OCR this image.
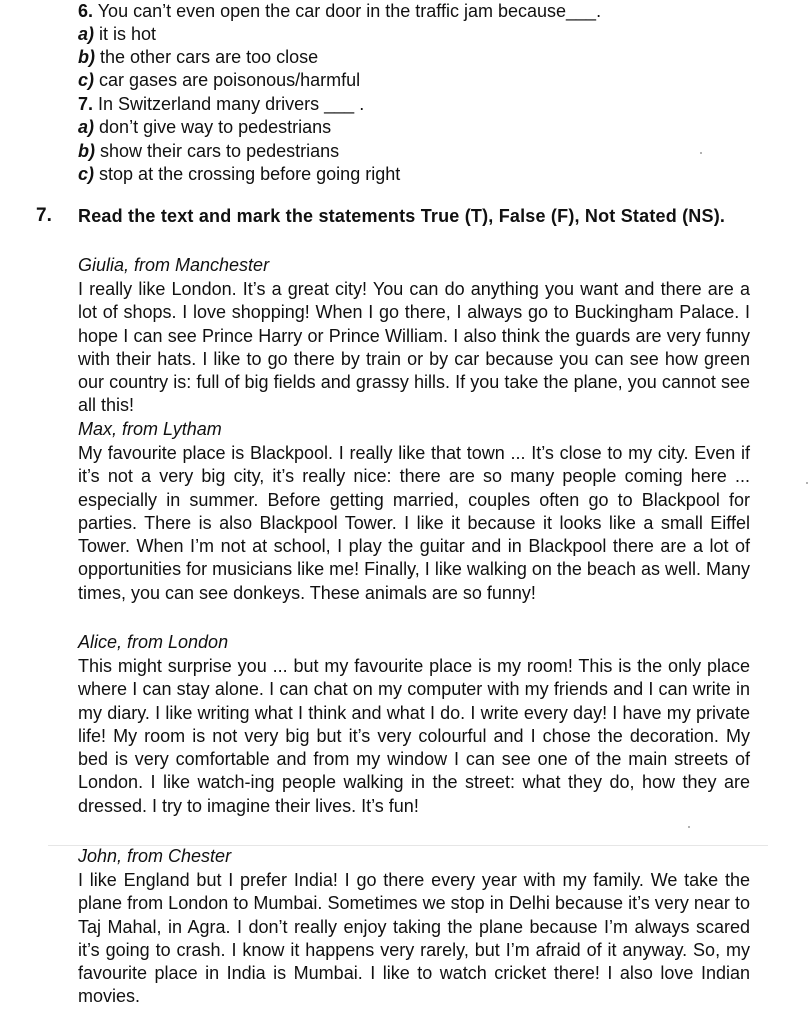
6. You can’t even open the car door in the traffic jam because___.
a) it is hot
b) the other cars are too close
c) car gases are poisonous/harmful
7. In Switzerland many drivers ___ .
a) don’t give way to pedestrians
b) show their cars to pedestrians
c) stop at the crossing before going right
7. Read the text and mark the statements True (T), False (F), Not Stated (NS).
Giulia, from Manchester
I really like London. It’s a great city! You can do anything you want and there are a lot of shops. I love shopping! When I go there, I always go to Buckingham Palace. I hope I can see Prince Harry or Prince William. I also think the guards are very funny with their hats. I like to go there by train or by car because you can see how green our country is: full of big fields and grassy hills. If you take the plane, you cannot see all this!
Max, from Lytham
My favourite place is Blackpool. I really like that town ... It’s close to my city. Even if it’s not a very big city, it’s really nice: there are so many people coming here ... especially in summer. Before getting married, couples often go to Blackpool for parties. There is also Blackpool Tower. I like it because it looks like a small Eiffel Tower. When I’m not at school, I play the guitar and in Blackpool there are a lot of opportunities for musicians like me! Finally, I like walking on the beach as well. Many times, you can see donkeys. These animals are so funny!
Alice, from London
This might surprise you ... but my favourite place is my room! This is the only place where I can stay alone. I can chat on my computer with my friends and I can write in my diary. I like writing what I think and what I do. I write every day! I have my private life! My room is not very big but it’s very colourful and I chose the decoration. My bed is very comfortable and from my window I can see one of the main streets of London. I like watch-ing people walking in the street: what they do, how they are dressed. I try to imagine their lives. It’s fun!
John, from Chester
I like England but I prefer India! I go there every year with my family. We take the plane from London to Mumbai. Sometimes we stop in Delhi because it’s very near to Taj Mahal, in Agra. I don’t really enjoy taking the plane because I’m always scared it’s going to crash. I know it happens very rarely, but I’m afraid of it anyway. So, my favourite place in India is Mumbai. I like to watch cricket there! I also love Indian movies.
